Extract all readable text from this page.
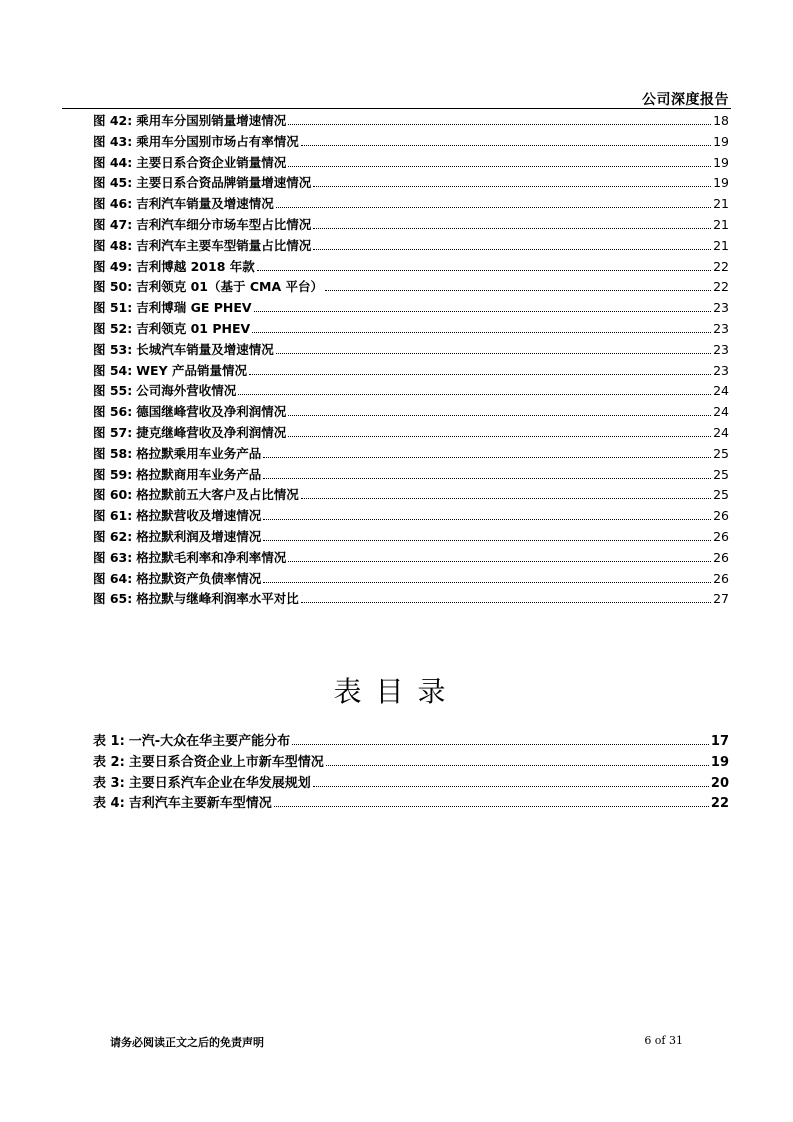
公司深度报告
图 42: 乘用车分国别销量增速情况	18
图 43: 乘用车分国别市场占有率情况	19
图 44: 主要日系合资企业销量情况	19
图 45: 主要日系合资品牌销量增速情况	19
图 46: 吉利汽车销量及增速情况	21
图 47: 吉利汽车细分市场车型占比情况	21
图 48: 吉利汽车主要车型销量占比情况	21
图 49: 吉利博越 2018 年款	22
图 50: 吉利领克 01（基于 CMA 平台）	22
图 51: 吉利博瑞 GE PHEV	23
图 52: 吉利领克 01 PHEV	23
图 53: 长城汽车销量及增速情况	23
图 54: WEY 产品销量情况	23
图 55: 公司海外营收情况	24
图 56: 德国继峰营收及净利润情况	24
图 57: 捷克继峰营收及净利润情况	24
图 58: 格拉默乘用车业务产品	25
图 59: 格拉默商用车业务产品	25
图 60: 格拉默前五大客户及占比情况	25
图 61: 格拉默营收及增速情况	26
图 62: 格拉默利润及增速情况	26
图 63: 格拉默毛利率和净利率情况	26
图 64: 格拉默资产负债率情况	26
图 65: 格拉默与继峰利润率水平对比	27
表目录
表 1: 一汽-大众在华主要产能分布	17
表 2: 主要日系合资企业上市新车型情况	19
表 3: 主要日系汽车企业在华发展规划	20
表 4: 吉利汽车主要新车型情况	22
请务必阅读正文之后的免责声明	6 of 31
